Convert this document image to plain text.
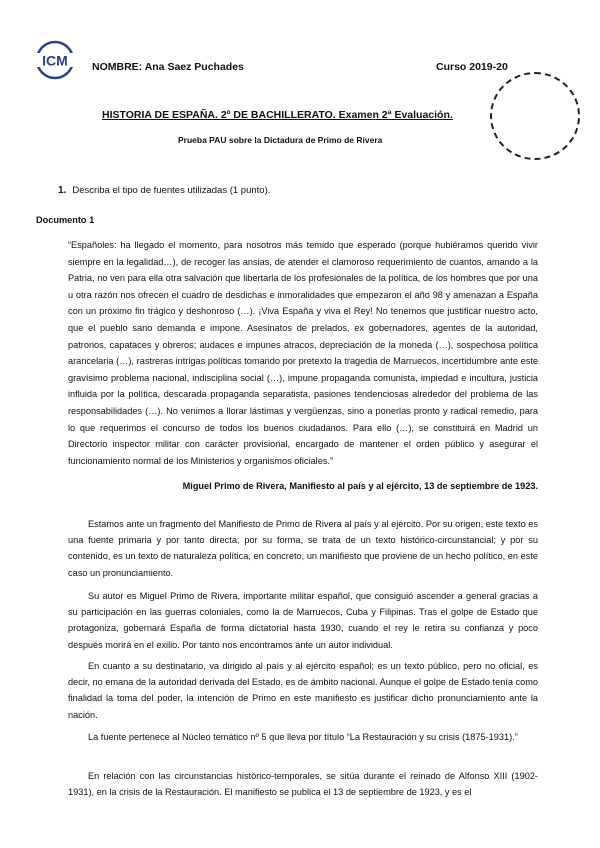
ICM NOMBRE: Ana Saez Puchades	Curso 2019-20
HISTORIA DE ESPAÑA. 2º DE BACHILLERATO. Examen 2ª Evaluación.
Prueba PAU sobre la Dictadura de Primo de Rivera
1. Describa el tipo de fuentes utilizadas (1 punto).
Documento 1
“Españoles: ha llegado el momento, para nosotros más temido que esperado (porque hubiéramos querido vivir siempre en la legalidad…), de recoger las ansias, de atender el clamoroso requerimiento de cuantos, amando a la Patria, no ven para ella otra salvación que libertarla de los profesionales de la política, de los hombres que por una u otra razón nos ofrecen el cuadro de desdichas e inmoralidades que empezaron el año 98 y amenazan a España con un próximo fin trágico y deshonroso (…). ¡Viva España y viva el Rey! No tenemos que justificar nuestro acto, que el pueblo sano demanda e impone. Asesinatos de prelados, ex gobernadores, agentes de la autoridad, patronos, capataces y obreros; audaces e impunes atracos, depreciación de la moneda (…), sospechosa política arancelaria (…), rastreras intrigas políticas tomando por pretexto la tragedia de Marruecos, incertidumbre ante este gravísimo problema nacional, indisciplina social (…), impune propaganda comunista, impiedad e incultura, justicia influida por la política, descarada propaganda separatista, pasiones tendenciosas alrededor del problema de las responsabilidades (…). No venimos a llorar lástimas y vergüenzas, sino a ponerlas pronto y radical remedio, para lo que requerimos el concurso de todos los buenos ciudadanos. Para ello (…), se constituirá en Madrid un Directorio inspector militar con carácter provisional, encargado de mantener el orden público y asegurar el funcionamiento normal de los Ministerios y organismos oficiales.”
Miguel Primo de Rivera, Manifiesto al país y al ejército, 13 de septiembre de 1923.

Estamos ante un fragmento del Manifiesto de Primo de Rivera al país y al ejército. Por su origen, este texto es una fuente primaria y por tanto directa; por su forma, se trata de un texto histórico-circunstancial; y por su contenido, es un texto de naturaleza política, en concreto, un manifiesto que proviene de un hecho político, en este caso un pronunciamiento.

Su autor es Miguel Primo de Rivera, importante militar español, que consiguió ascender a general gracias a su participación en las guerras coloniales, como la de Marruecos, Cuba y Filipinas. Tras el golpe de Estado que protagoniza, gobernará España de forma dictatorial hasta 1930, cuando el rey le retira su confianza y poco después morirá en el exilio. Por tanto nos encontramos ante un autor individual.

En cuanto a su destinatario, va dirigido al país y al ejército español; es un texto público, pero no oficial, es decir, no emana de la autoridad derivada del Estado, es de ámbito nacional. Aunque el golpe de Estado tenía como finalidad la toma del poder, la intención de Primo en este manifiesto es justificar dicho pronunciamiento ante la nación.

La fuente pertenece al Núcleo temático nº 5 que lleva por título “La Restauración y su crisis (1875-1931).”

En relación con las circunstancias histórico-temporales, se sitúa durante el reinado de Alfonso XIII (1902-1931), en la crisis de la Restauración. El manifiesto se publica el 13 de septiembre de 1923, y es el
